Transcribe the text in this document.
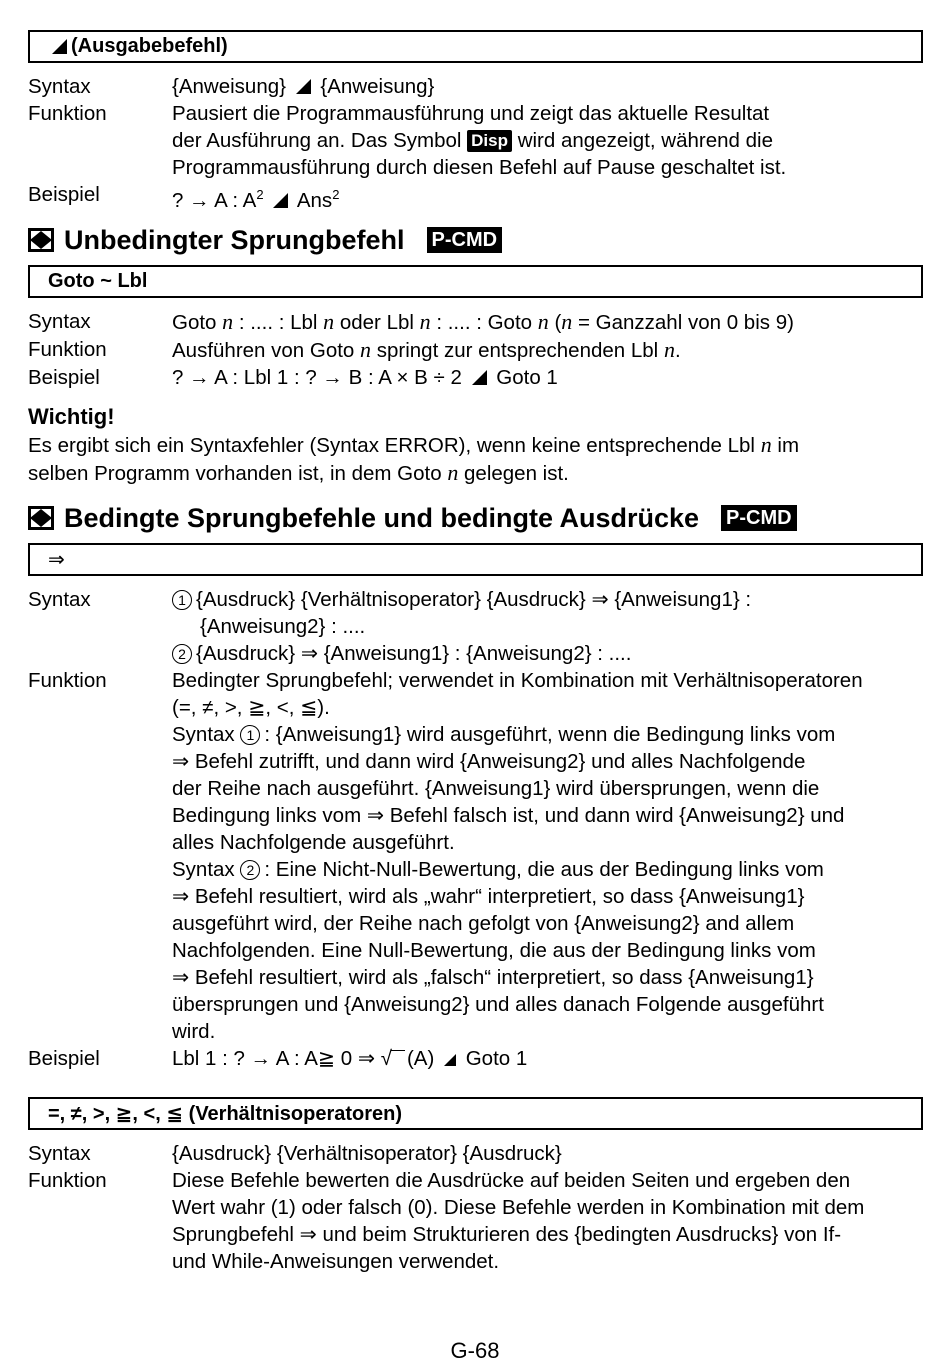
(Ausgabebefehl)
Syntax	{Anweisung} {Anweisung}
Funktion	Pausiert die Programmausführung und zeigt das aktuelle Resultat
der Ausführung an. Das Symbol Disp wird angezeigt, während die
Programmausführung durch diesen Befehl auf Pause geschaltet ist.
Beispiel	? → A : $A^2$ Ans$^2$
Unbedingter Sprungbefehl P-CMD
Goto ~ Lbl
Syntax	Goto n : .... : Lbl n oder Lbl n : .... : Goto n (n = Ganzzahl von 0 bis 9)
Funktion	Ausführen von Goto n springt zur entsprechenden Lbl n.
Beispiel	? → A : Lbl 1 : ? → B : A × B ÷ 2 Goto 1
Wichtig!
Es ergibt sich ein Syntaxfehler (Syntax ERROR), wenn keine entsprechende Lbl n im
selben Programm vorhanden ist, in dem Goto n gelegen ist.
Bedingte Sprungbefehle und bedingte Ausdrücke P-CMD
⇒
Syntax	1 {Ausdruck} {Verhältnisoperator} {Ausdruck} ⇒ {Anweisung1} :
{Anweisung2} : ....
2 {Ausdruck} ⇒ {Anweisung1} : {Anweisung2} : ....
Funktion	Bedingter Sprungbefehl; verwendet in Kombination mit Verhältnisoperatoren
(=, ≠, >, ≧, <, ≦).
Syntax 1 : {Anweisung1} wird ausgeführt, wenn die Bedingung links vom
⇒ Befehl zutrifft, und dann wird {Anweisung2} und alles Nachfolgende
der Reihe nach ausgeführt. {Anweisung1} wird übersprungen, wenn die
Bedingung links vom ⇒ Befehl falsch ist, und dann wird {Anweisung2} und
alles Nachfolgende ausgeführt.
Syntax 2 : Eine Nicht-Null-Bewertung, die aus der Bedingung links vom
⇒ Befehl resultiert, wird als „wahr“ interpretiert, so dass {Anweisung1}
ausgeführt wird, der Reihe nach gefolgt von {Anweisung2} and allem
Nachfolgenden. Eine Null-Bewertung, die aus der Bedingung links vom
⇒ Befehl resultiert, wird als „falsch“ interpretiert, so dass {Anweisung1}
übersprungen und {Anweisung2} und alles danach Folgende ausgeführt
wird.
Beispiel	Lbl 1 : ? → A : A≧ 0 ⇒ √ (A) Goto 1
=, ≠, >, ≧, <, ≦ (Verhältnisoperatoren)
Syntax	{Ausdruck} {Verhältnisoperator} {Ausdruck}
Funktion	Diese Befehle bewerten die Ausdrücke auf beiden Seiten und ergeben den
Wert wahr (1) oder falsch (0). Diese Befehle werden in Kombination mit dem
Sprungbefehl ⇒ und beim Strukturieren des {bedingten Ausdrucks} von If-
und While-Anweisungen verwendet.
G-68
